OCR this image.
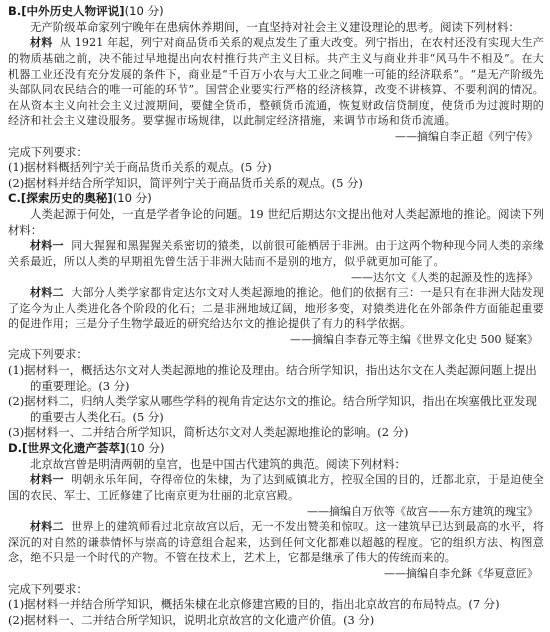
B.[中外历史人物评说](10 分)

无产阶级革命家列宁晚年在患病休养期间，一直坚持对社会主义建设理论的思考。阅读下列材料：

材料 从 1921 年起，列宁对商品货币关系的观点发生了重大改变。列宁指出，在农村还没有实现大生产的物质基础之前，决不能过早地提出向农村推行共产主义目标。共产主义与商业并非“风马牛不相及”。在大机器工业还没有充分发展的条件下，商业是“千百万小农与大工业之间唯一可能的经济联系”。“是无产阶级先头部队同农民结合的唯一可能的环节”。国营企业要实行严格的经济核算，改变不讲核算、不要利润的情况。在从资本主义向社会主义过渡期间，要健全货币，整顿货币流通，恢复财政信贷制度，使货币为过渡时期的经济和社会主义建设服务。要掌握市场规律，以此制定经济措施，来调节市场和货币流通。

——摘编自李正超《列宁传》

完成下列要求：

(1)据材料概括列宁关于商品货币关系的观点。(5 分)

(2)据材料并结合所学知识，简评列宁关于商品货币关系的观点。(5 分)

C.[探索历史的奥秘](10 分)

人类起源于何处，一直是学者争论的问题。19 世纪后期达尔文提出他对人类起源地的推论。阅读下列材料：

材料一 同大猩猩和黑猩猩关系密切的猿类，以前很可能栖居于非洲。由于这两个物种现今同人类的亲缘关系最近，所以人类的早期祖先曾生活于非洲大陆而不是别的地方，似乎就更加可能了。

——达尔文《人类的起源及性的选择》

材料二 大部分人类学家都肯定达尔文对人类起源地的推论。他们的依据有三：一是只有在非洲大陆发现了迄今为止人类进化各个阶段的化石；二是非洲地域辽阔，地形多变，对猿类进化在外部条件方面能起重要的促进作用；三是分子生物学最近的研究给达尔文的推论提供了有力的科学依据。

——摘编自李春元等主编《世界文化史 500 疑案》

完成下列要求：

(1)据材料一，概括达尔文对人类起源地的推论及理由。结合所学知识，指出达尔文在人类起源问题上提出的重要理论。(3 分)

(2)据材料二，归纳人类学家从哪些学科的视角肯定达尔文的推论。结合所学知识，指出在埃塞俄比亚发现的重要古人类化石。(5 分)

(3)据材料一、二并结合所学知识，简析达尔文对人类起源地推论的影响。(2 分)

D.[世界文化遗产荟萃](10 分)

北京故宫曾是明清两朝的皇宫，也是中国古代建筑的典范。阅读下列材料：

材料一 明朝永乐年间，夺得帝位的朱棣，为了达到威镇北方，控驭全国的目的，迁都北京，于是迫使全国的农民、军士、工匠修建了比南京更为壮丽的北京宫殿。

——摘编自万依等《故宫——东方建筑的瑰宝》

材料二 世界上的建筑师看过北京故宫以后，无一不发出赞美和惊叹。这一建筑早已达到最高的水平，将深沉的对自然的谦恭情怀与崇高的诗意组合起来，达到任何文化都难以超越的程度。它的组织方法、构图意念，绝不只是一个时代的产物。不管在技术上，艺术上，它都是继承了伟大的传统而来的。

——摘编自李允鉌《华夏意匠》

完成下列要求：

(1)据材料一并结合所学知识，概括朱棣在北京修建宫殿的目的，指出北京故宫的布局特点。(7 分)

(2)据材料一、二并结合所学知识，说明北京故宫的文化遗产价值。(3 分)
